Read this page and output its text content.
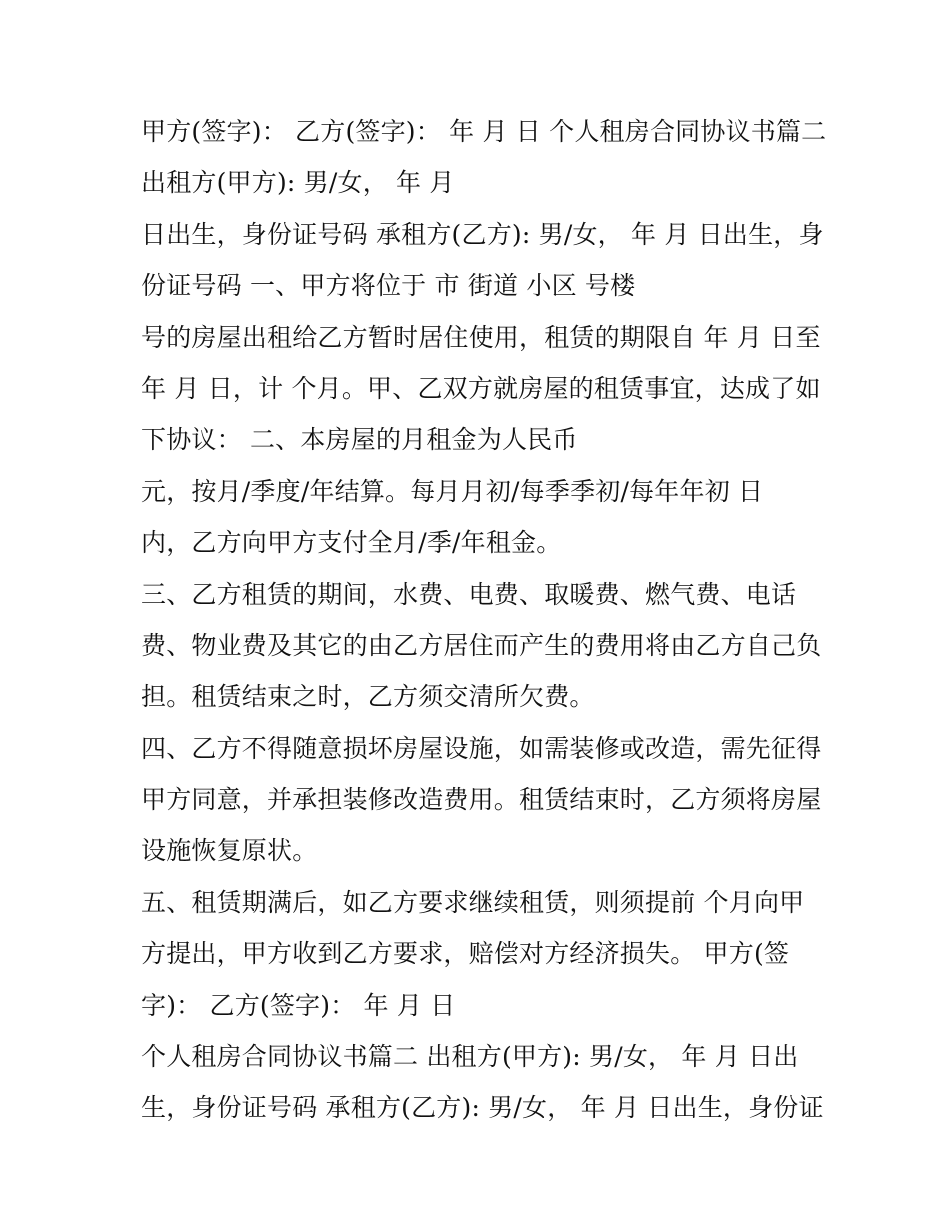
甲方(签字)： 乙方(签字)： 年 月 日 个人租房合同协议书篇二
出租方(甲方): 男/女， 年 月
日出生，身份证号码 承租方(乙方): 男/女， 年 月 日出生，身
份证号码 一、甲方将位于 市 街道 小区 号楼
号的房屋出租给乙方暂时居住使用，租赁的期限自 年 月 日至
年 月 日，计 个月。甲、乙双方就房屋的租赁事宜，达成了如
下协议： 二、本房屋的月租金为人民币
元，按月/季度/年结算。每月月初/每季季初/每年年初 日
内，乙方向甲方支付全月/季/年租金。
三、乙方租赁的期间，水费、电费、取暖费、燃气费、电话
费、物业费及其它的由乙方居住而产生的费用将由乙方自己负
担。租赁结束之时，乙方须交清所欠费。
四、乙方不得随意损坏房屋设施，如需装修或改造，需先征得
甲方同意，并承担装修改造费用。租赁结束时，乙方须将房屋
设施恢复原状。
五、租赁期满后，如乙方要求继续租赁，则须提前 个月向甲
方提出，甲方收到乙方要求，赔偿对方经济损失。 甲方(签
字)： 乙方(签字)： 年 月 日
个人租房合同协议书篇二 出租方(甲方): 男/女， 年 月 日出
生，身份证号码 承租方(乙方): 男/女， 年 月 日出生，身份证
